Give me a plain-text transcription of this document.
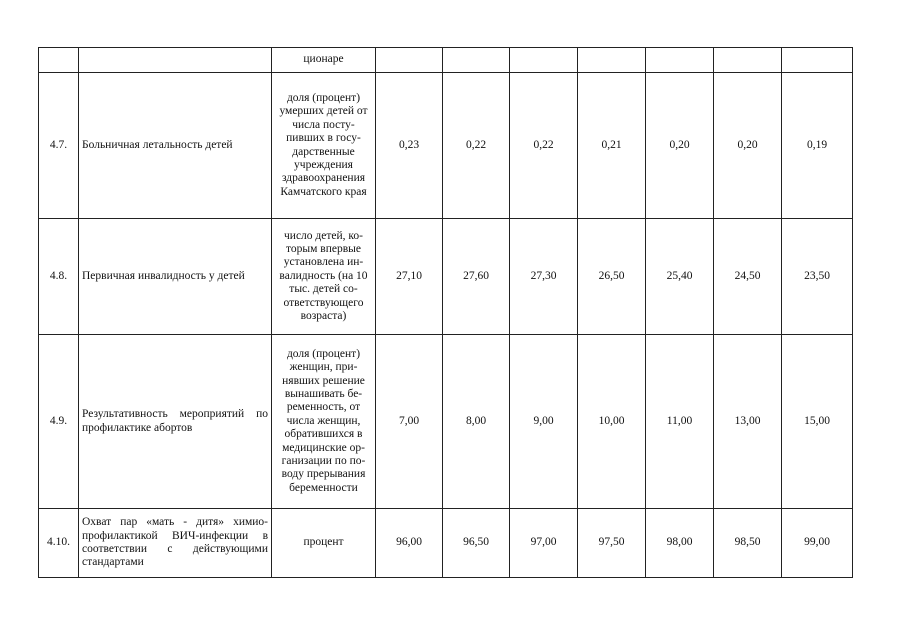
		ционаре							
4.7.	Больничная летальность детей	доля (процент) умерших детей от числа посту-пивших в госу-дарственные учреждения здравоохранения Камчатского края	0,23	0,22	0,22	0,21	0,20	0,20	0,19
4.8.	Первичная инвалидность у детей	число детей, ко-торым впервые установлена ин-валидность (на 10 тыс. детей со-ответствующего возраста)	27,10	27,60	27,30	26,50	25,40	24,50	23,50
4.9.	Результативность мероприятий по профилактике абортов	доля (процент) женщин, при-нявших решение вынашивать бе-ременность, от числа женщин, обратившихся в медицинские ор-ганизации по по-воду прерывания беременности	7,00	8,00	9,00	10,00	11,00	13,00	15,00
4.10.	Охват пар «мать - дитя» химио-профилактикой ВИЧ-инфекции в соответствии с действующими стандартами	процент	96,00	96,50	97,00	97,50	98,00	98,50	99,00
